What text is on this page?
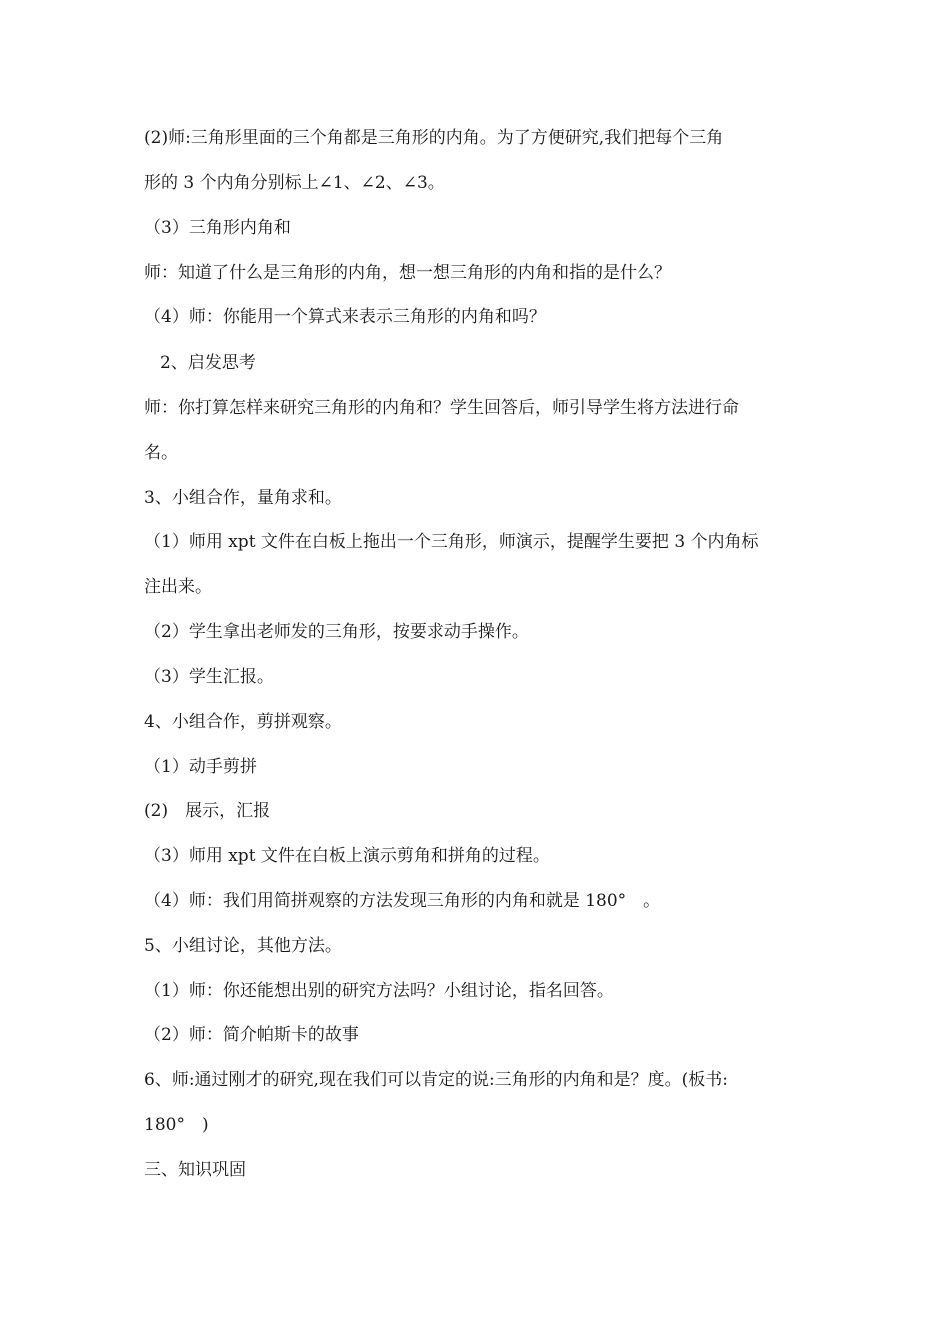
(2)师:三角形里面的三个角都是三角形的内角。为了方便研究,我们把每个三角
形的 3 个内角分别标上∠1、∠2、∠3。
（3）三角形内角和
师：知道了什么是三角形的内角，想一想三角形的内角和指的是什么？
（4）师：你能用一个算式来表示三角形的内角和吗？
2、启发思考
师：你打算怎样来研究三角形的内角和？学生回答后，师引导学生将方法进行命
名。
3、小组合作，量角求和。
（1）师用 xpt 文件在白板上拖出一个三角形，师演示，提醒学生要把 3 个内角标
注出来。
（2）学生拿出老师发的三角形，按要求动手操作。
（3）学生汇报。
4、小组合作，剪拼观察。
（1）动手剪拼
(2)　展示，汇报
（3）师用 xpt 文件在白板上演示剪角和拼角的过程。
（4）师：我们用简拼观察的方法发现三角形的内角和就是 180°　。
5、小组讨论，其他方法。
（1）师：你还能想出别的研究方法吗？小组讨论，指名回答。
（2）师：简介帕斯卡的故事
6、师:通过刚才的研究,现在我们可以肯定的说:三角形的内角和是？度。(板书:
180°　)
三、知识巩固
